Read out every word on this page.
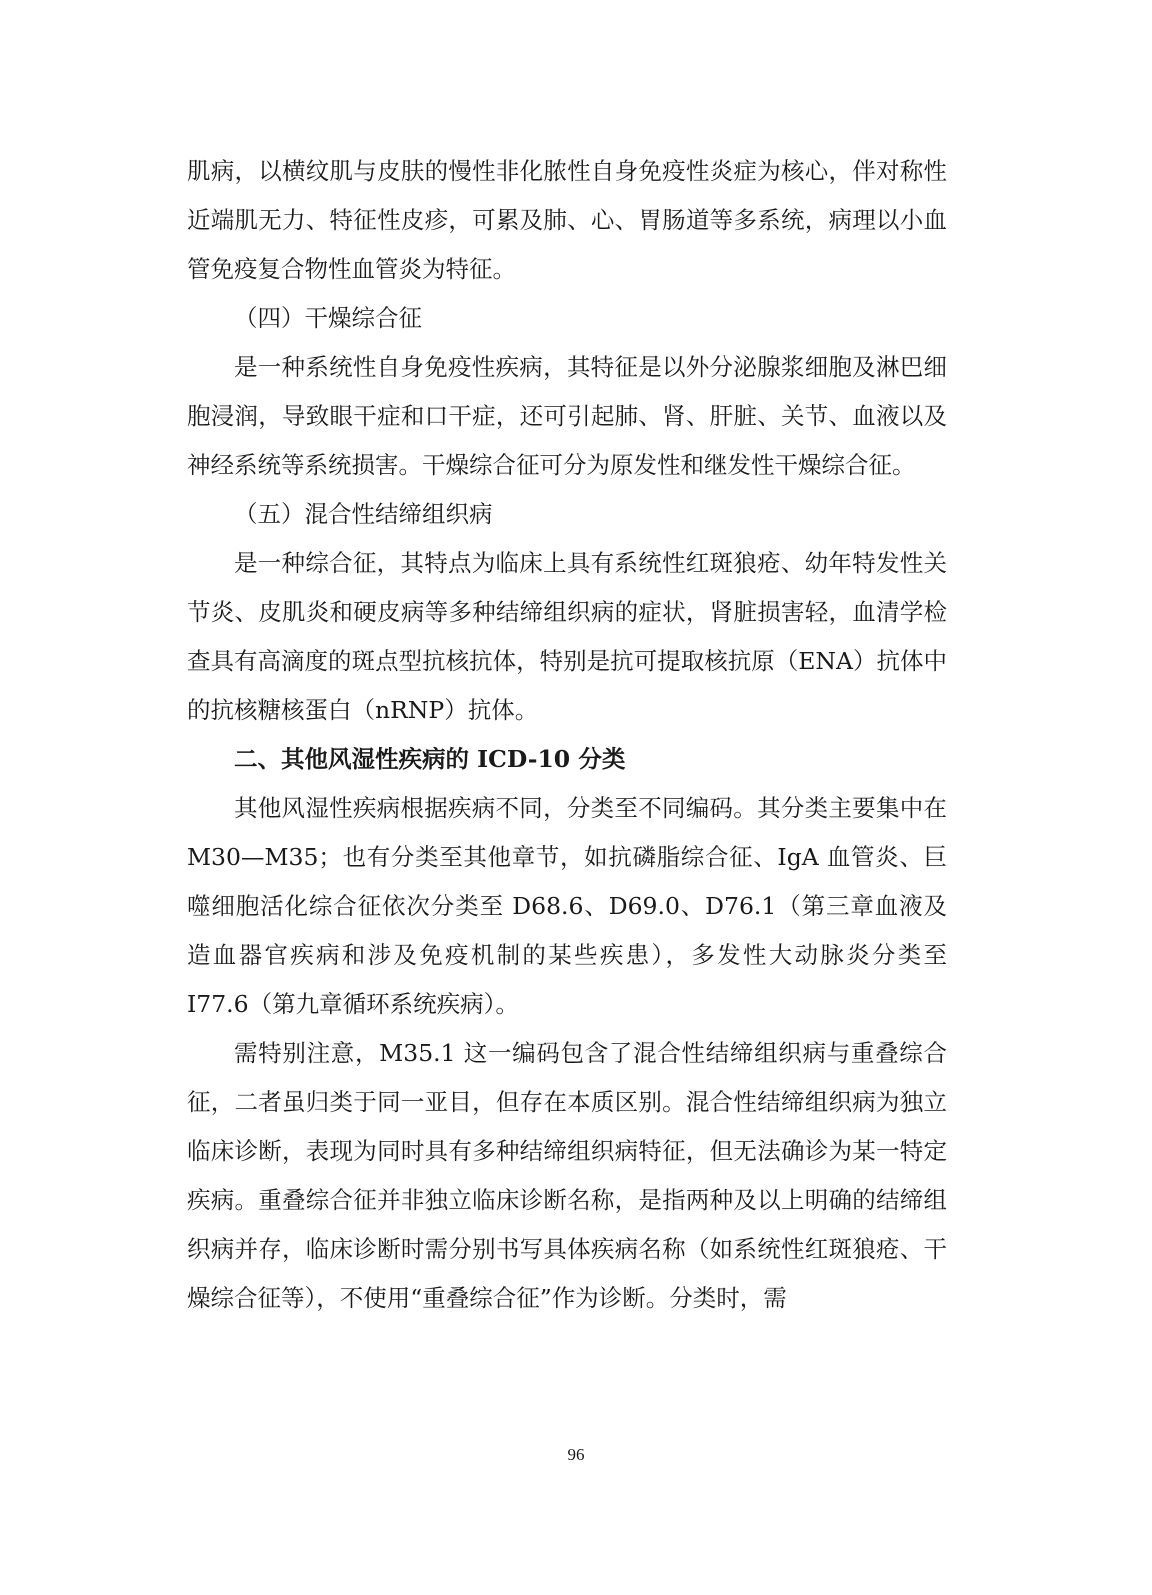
肌病，以横纹肌与皮肤的慢性非化脓性自身免疫性炎症为核心，伴对称性近端肌无力、特征性皮疹，可累及肺、心、胃肠道等多系统，病理以小血管免疫复合物性血管炎为特征。

（四）干燥综合征

是一种系统性自身免疫性疾病，其特征是以外分泌腺浆细胞及淋巴细胞浸润，导致眼干症和口干症，还可引起肺、肾、肝脏、关节、血液以及神经系统等系统损害。干燥综合征可分为原发性和继发性干燥综合征。

（五）混合性结缔组织病

是一种综合征，其特点为临床上具有系统性红斑狼疮、幼年特发性关节炎、皮肌炎和硬皮病等多种结缔组织病的症状，肾脏损害轻，血清学检查具有高滴度的斑点型抗核抗体，特别是抗可提取核抗原（ENA）抗体中的抗核糖核蛋白（nRNP）抗体。

二、其他风湿性疾病的 ICD-10 分类

其他风湿性疾病根据疾病不同，分类至不同编码。其分类主要集中在 M30—M35；也有分类至其他章节，如抗磷脂综合征、IgA 血管炎、巨噬细胞活化综合征依次分类至 D68.6、D69.0、D76.1（第三章血液及造血器官疾病和涉及免疫机制的某些疾患），多发性大动脉炎分类至 I77.6（第九章循环系统疾病）。

需特别注意，M35.1 这一编码包含了混合性结缔组织病与重叠综合征，二者虽归类于同一亚目，但存在本质区别。混合性结缔组织病为独立临床诊断，表现为同时具有多种结缔组织病特征，但无法确诊为某一特定疾病。重叠综合征并非独立临床诊断名称，是指两种及以上明确的结缔组织病并存，临床诊断时需分别书写具体疾病名称（如系统性红斑狼疮、干燥综合征等），不使用“重叠综合征”作为诊断。分类时，需

96
